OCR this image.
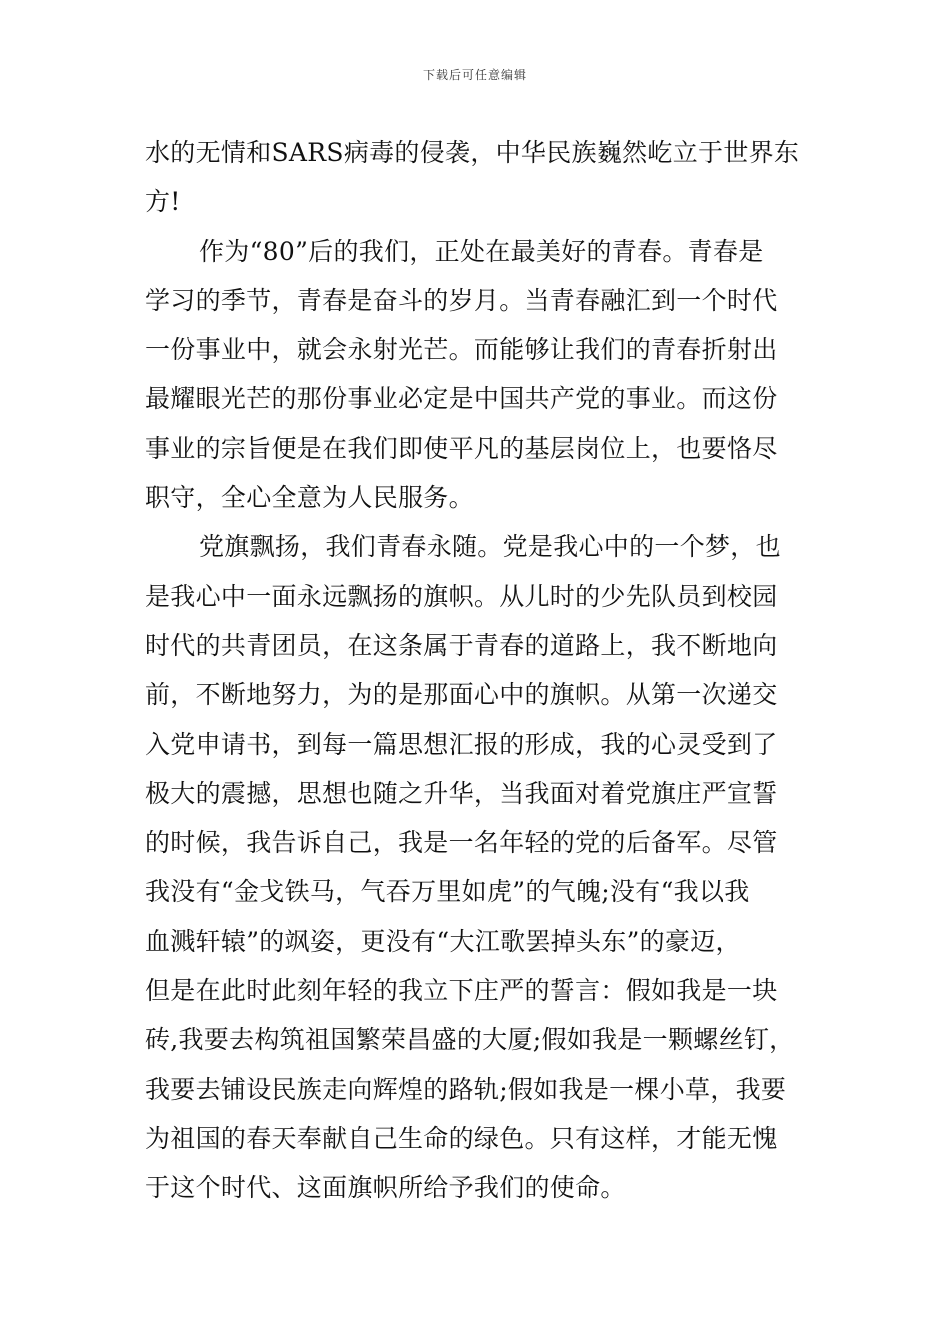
下载后可任意编辑
水的无情和SARS病毒的侵袭，中华民族巍然屹立于世界东
方!
作为“80”后的我们，正处在最美好的青春。青春是
学习的季节，青春是奋斗的岁月。当青春融汇到一个时代
一份事业中，就会永射光芒。而能够让我们的青春折射出
最耀眼光芒的那份事业必定是中国共产党的事业。而这份
事业的宗旨便是在我们即使平凡的基层岗位上，也要恪尽
职守，全心全意为人民服务。
党旗飘扬，我们青春永随。党是我心中的一个梦，也
是我心中一面永远飘扬的旗帜。从儿时的少先队员到校园
时代的共青团员，在这条属于青春的道路上，我不断地向
前，不断地努力，为的是那面心中的旗帜。从第一次递交
入党申请书，到每一篇思想汇报的形成，我的心灵受到了
极大的震撼，思想也随之升华，当我面对着党旗庄严宣誓
的时候，我告诉自己，我是一名年轻的党的后备军。尽管
我没有“金戈铁马，气吞万里如虎”的气魄;没有“我以我
血溅轩辕”的飒姿，更没有“大江歌罢掉头东”的豪迈，
但是在此时此刻年轻的我立下庄严的誓言：假如我是一块
砖,我要去构筑祖国繁荣昌盛的大厦;假如我是一颗螺丝钉，
我要去铺设民族走向辉煌的路轨;假如我是一棵小草，我要
为祖国的春天奉献自己生命的绿色。只有这样，才能无愧
于这个时代、这面旗帜所给予我们的使命。
